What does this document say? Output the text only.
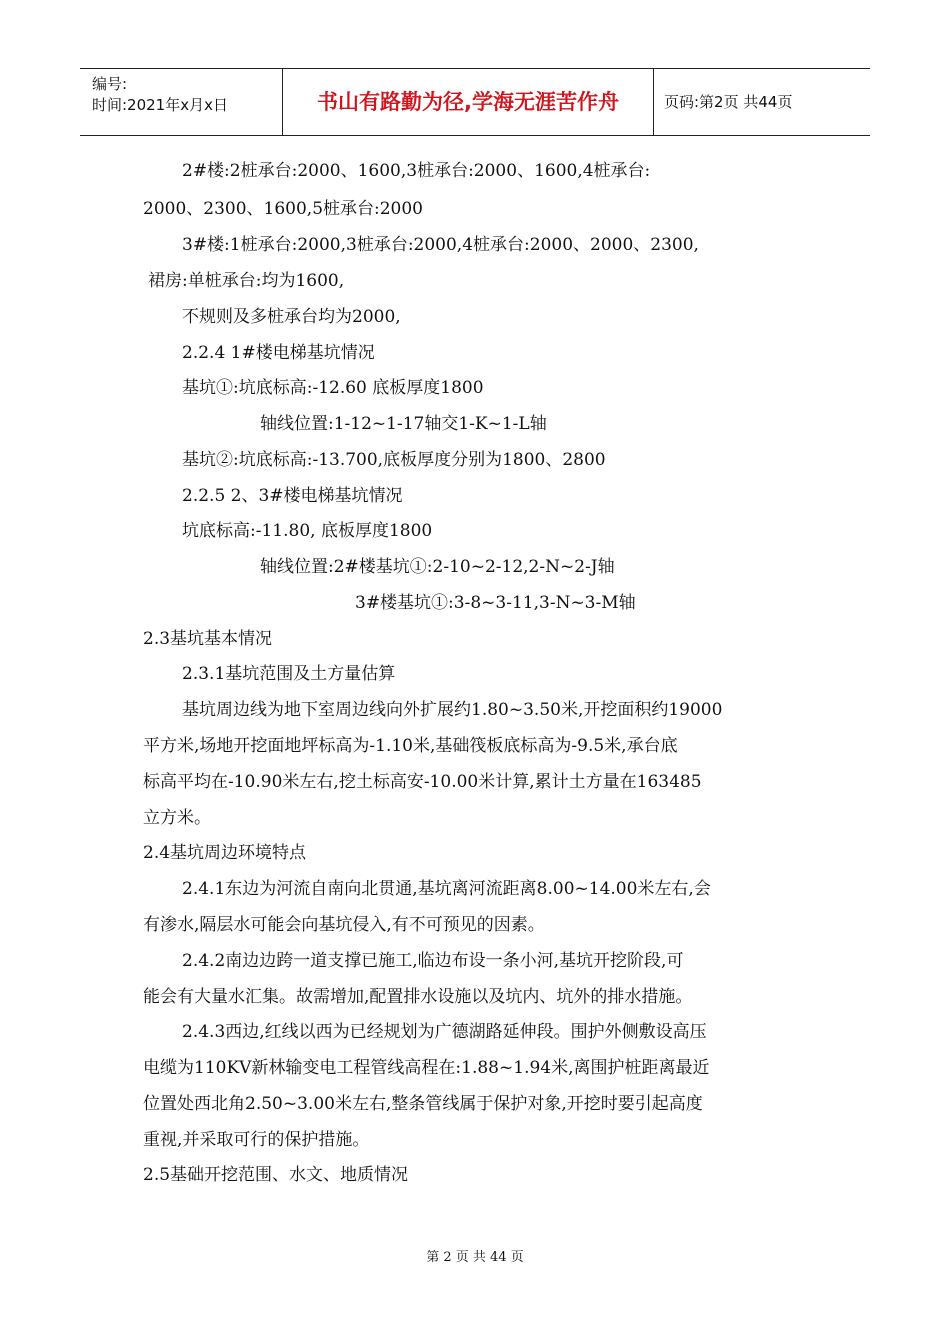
编号:
时间:2021年x月x日	书山有路勤为径,学海无涯苦作舟	页码:第2页 共44页
2#楼:2桩承台:2000、1600,3桩承台:2000、1600,4桩承台:
2000、2300、1600,5桩承台:2000
3#楼:1桩承台:2000,3桩承台:2000,4桩承台:2000、2000、2300,
裙房:单桩承台:均为1600,
不规则及多桩承台均为2000,
2.2.4 1#楼电梯基坑情况
基坑①:坑底标高:-12.60 底板厚度1800
轴线位置:1-12~1-17轴交1-K~1-L轴
基坑②:坑底标高:-13.700,底板厚度分别为1800、2800
2.2.5 2、3#楼电梯基坑情况
坑底标高:-11.80, 底板厚度1800
轴线位置:2#楼基坑①:2-10~2-12,2-N~2-J轴
3#楼基坑①:3-8~3-11,3-N~3-M轴
2.3基坑基本情况
2.3.1基坑范围及土方量估算
基坑周边线为地下室周边线向外扩展约1.80~3.50米,开挖面积约19000
平方米,场地开挖面地坪标高为-1.10米,基础筏板底标高为-9.5米,承台底
标高平均在-10.90米左右,挖土标高安-10.00米计算,累计土方量在163485
立方米。
2.4基坑周边环境特点
2.4.1东边为河流自南向北贯通,基坑离河流距离8.00~14.00米左右,会
有渗水,隔层水可能会向基坑侵入,有不可预见的因素。
2.4.2南边边跨一道支撑已施工,临边布设一条小河,基坑开挖阶段,可
能会有大量水汇集。故需增加,配置排水设施以及坑内、坑外的排水措施。
2.4.3西边,红线以西为已经规划为广德湖路延伸段。围护外侧敷设高压
电缆为110KV新林输变电工程管线高程在:1.88~1.94米,离围护桩距离最近
位置处西北角2.50~3.00米左右,整条管线属于保护对象,开挖时要引起高度
重视,并采取可行的保护措施。
2.5基础开挖范围、水文、地质情况
第 2 页 共 44 页
